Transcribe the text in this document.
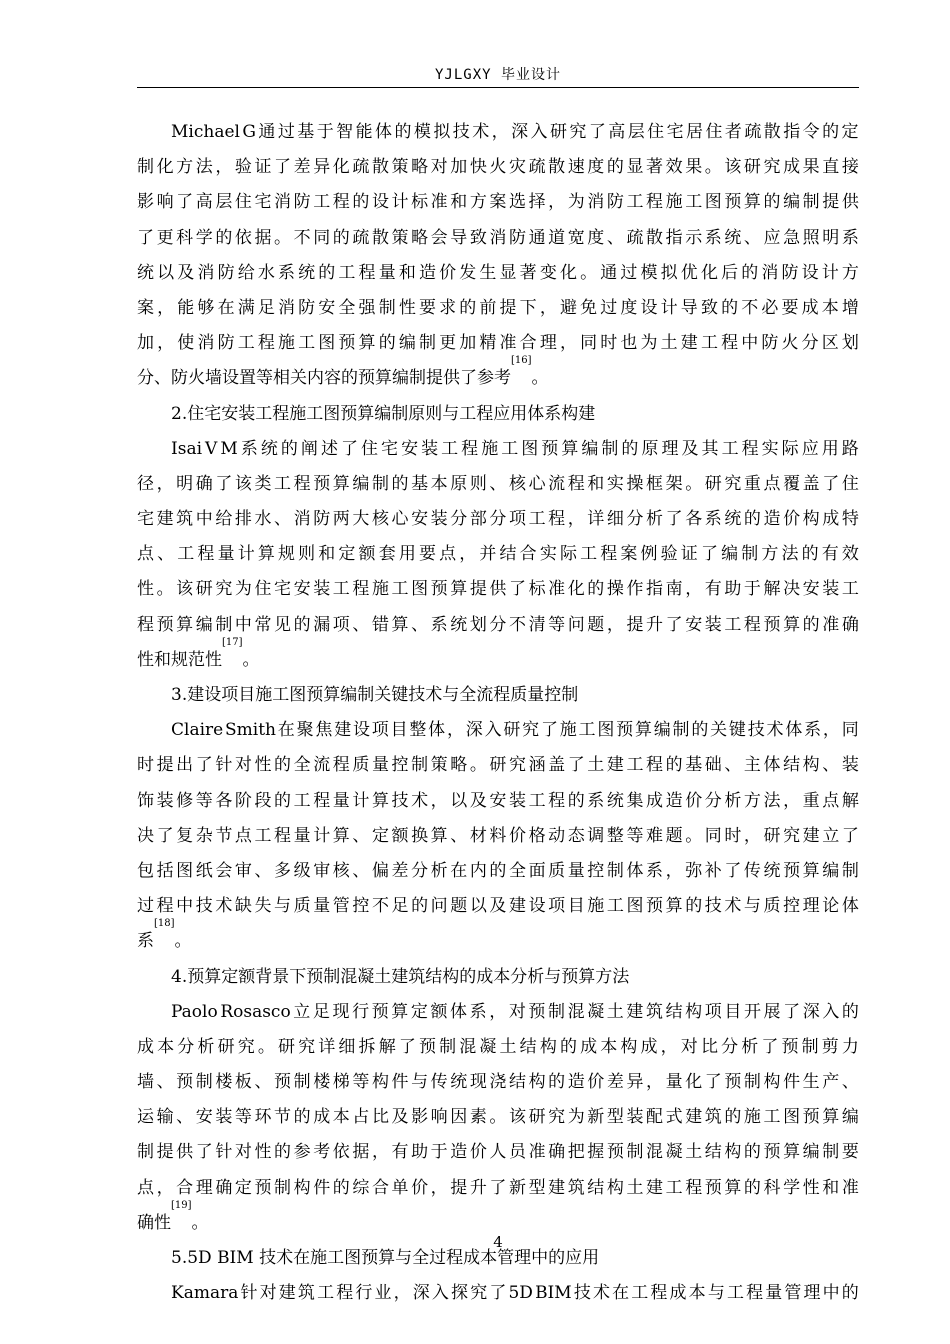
YJLGXY 毕业设计
Michael G 通 过 基 于 智 能 体 的 模 拟 技 术 ， 深 入 研 究 了 高 层 住 宅 居 住 者 疏 散 指 令 的 定
制 化 方 法 ， 验 证 了 差 异 化 疏 散 策 略 对 加 快 火 灾 疏 散 速 度 的 显 著 效 果 。 该 研 究 成 果 直 接
影 响 了 高 层 住 宅 消 防 工 程 的 设 计 标 准 和 方 案 选 择 ， 为 消 防 工 程 施 工 图 预 算 的 编 制 提 供
了 更 科 学 的 依 据 。 不 同 的 疏 散 策 略 会 导 致 消 防 通 道 宽 度 、 疏 散 指 示 系 统 、 应 急 照 明 系
统 以 及 消 防 给 水 系 统 的 工 程 量 和 造 价 发 生 显 著 变 化 。 通 过 模 拟 优 化 后 的 消 防 设 计 方
案 ， 能 够 在 满 足 消 防 安 全 强 制 性 要 求 的 前 提 下 ， 避 免 过 度 设 计 导 致 的 不 必 要 成 本 增
加 ， 使 消 防 工 程 施 工 图 预 算 的 编 制 更 加 精 准 合 理 ， 同 时 也 为 土 建 工 程 中 防 火 分 区 划
分、防火墙设置等相关内容的预算编制提供了参考
[16]
。
2.住宅安装工程施工图预算编制原则与工程应用体系构建
Isai V M 系 统 的 阐 述 了 住 宅 安 装 工 程 施 工 图 预 算 编 制 的 原 理 及 其 工 程 实 际 应 用 路
径 ， 明 确 了 该 类 工 程 预 算 编 制 的 基 本 原 则 、 核 心 流 程 和 实 操 框 架 。 研 究 重 点 覆 盖 了 住
宅 建 筑 中 给 排 水 、 消 防 两 大 核 心 安 装 分 部 分 项 工 程 ， 详 细 分 析 了 各 系 统 的 造 价 构 成 特
点 、 工 程 量 计 算 规 则 和 定 额 套 用 要 点 ， 并 结 合 实 际 工 程 案 例 验 证 了 编 制 方 法 的 有 效
性 。 该 研 究 为 住 宅 安 装 工 程 施 工 图 预 算 提 供 了 标 准 化 的 操 作 指 南 ， 有 助 于 解 决 安 装 工
程 预 算 编 制 中 常 见 的 漏 项 、 错 算 、 系 统 划 分 不 清 等 问 题 ， 提 升 了 安 装 工 程 预 算 的 准 确
性和规范性
[17]
。
3.建设项目施工图预算编制关键技术与全流程质量控制
Claire Smith 在 聚 焦 建 设 项 目 整 体 ， 深 入 研 究 了 施 工 图 预 算 编 制 的 关 键 技 术 体 系 ， 同
时 提 出 了 针 对 性 的 全 流 程 质 量 控 制 策 略 。 研 究 涵 盖 了 土 建 工 程 的 基 础 、 主 体 结 构 、 装
饰 装 修 等 各 阶 段 的 工 程 量 计 算 技 术 ， 以 及 安 装 工 程 的 系 统 集 成 造 价 分 析 方 法 ， 重 点 解
决 了 复 杂 节 点 工 程 量 计 算 、 定 额 换 算 、 材 料 价 格 动 态 调 整 等 难 题 。 同 时 ， 研 究 建 立 了
包 括 图 纸 会 审 、 多 级 审 核 、 偏 差 分 析 在 内 的 全 面 质 量 控 制 体 系 ， 弥 补 了 传 统 预 算 编 制
过 程 中 技 术 缺 失 与 质 量 管 控 不 足 的 问 题 以 及 建 设 项 目 施 工 图 预 算 的 技 术 与 质 控 理 论 体
系
[18]
。
4.预算定额背景下预制混凝土建筑结构的成本分析与预算方法
Paolo Rosasco 立 足 现 行 预 算 定 额 体 系 ， 对 预 制 混 凝 土 建 筑 结 构 项 目 开 展 了 深 入 的
成 本 分 析 研 究 。 研 究 详 细 拆 解 了 预 制 混 凝 土 结 构 的 成 本 构 成 ， 对 比 分 析 了 预 制 剪 力
墙 、 预 制 楼 板 、 预 制 楼 梯 等 构 件 与 传 统 现 浇 结 构 的 造 价 差 异 ， 量 化 了 预 制 构 件 生 产 、
运 输 、 安 装 等 环 节 的 成 本 占 比 及 影 响 因 素 。 该 研 究 为 新 型 装 配 式 建 筑 的 施 工 图 预 算 编
制 提 供 了 针 对 性 的 参 考 依 据 ， 有 助 于 造 价 人 员 准 确 把 握 预 制 混 凝 土 结 构 的 预 算 编 制 要
点 ， 合 理 确 定 预 制 构 件 的 综 合 单 价 ， 提 升 了 新 型 建 筑 结 构 土 建 工 程 预 算 的 科 学 性 和 准
确性
[19]
。
5.5D BIM 技术在施工图预算与全过程成本管理中的应用
Kamara 针 对 建 筑 工 程 行 业 ， 深 入 探 究 了 5D BIM 技 术 在 工 程 成 本 与 工 程 量 管 理 中 的
4
